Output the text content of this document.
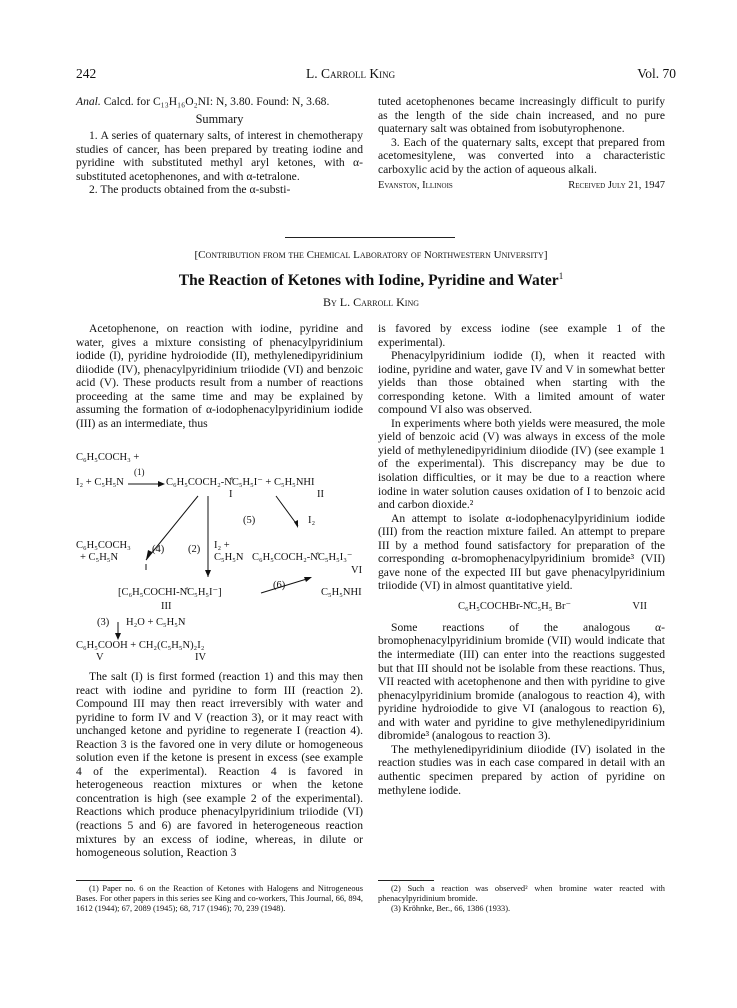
242	L. Carroll King	Vol. 70

Anal. Calcd. for C₁₃H₁₆O₂NI: N, 3.80. Found: N, 3.68.

Summary

1. A series of quaternary salts, of interest in chemotherapy studies of cancer, has been prepared by treating iodine and pyridine with substituted methyl aryl ketones, with α-substituted acetophenones, and with α-tetralone.

2. The products obtained from the α-substi-

tuted acetophenones became increasingly difficult to purify as the length of the side chain increased, and no pure quaternary salt was obtained from isobutyrophenone.

3. Each of the quaternary salts, except that prepared from acetomesitylene, was converted into a characteristic carboxylic acid by the action of aqueous alkali.

Evanston, Illinois	Received July 21, 1947

[Contribution from the Chemical Laboratory of Northwestern University]
The Reaction of Ketones with Iodine, Pyridine and Water$^1$
By L. Carroll King

Acetophenone, on reaction with iodine, pyridine and water, gives a mixture consisting of phenacylpyridinium iodide (I), pyridine hydroiodide (II), methylenedipyridinium diiodide (IV), phenacylpyridinium triiodide (VI) and benzoic acid (V). These products result from a number of reactions proceeding at the same time and may be explained by assuming the formation of α-iodophenacylpyridinium iodide (III) as an intermediate, thus

C₆H₅COCH₃ +
(1)
I₂ + C₅H₅N	C₆H₅COCH₂-N̊C₅H₅I⁻ + C₅H₅NHI
I	II
(5)	I₂
C₆H₅COCH₃
+ C₅H₅N
(4) (2) I₂ +
C₅H₅N C₆H₅COCH₂-N̊C₅H₅I₃⁻
VI
(6)
[C₆H₅COCHI-N̊C₅H₅I⁻]	C₅H₅NHI
III
(3) H₂O + C₅H₅N
C₆H₅COOH + CH₂(C₅H₅N)₂I₂
V	IV

The salt (I) is first formed (reaction 1) and this may then react with iodine and pyridine to form III (reaction 2). Compound III may then react irreversibly with water and pyridine to form IV and V (reaction 3), or it may react with unchanged ketone and pyridine to regenerate I (reaction 4). Reaction 3 is the favored one in very dilute or homogeneous solution even if the ketone is present in excess (see example 4 of the experimental). Reaction 4 is favored in heterogeneous reaction mixtures or when the ketone concentration is high (see example 2 of the experimental). Reactions which produce phenacylpyridinium triiodide (VI) (reactions 5 and 6) are favored in heterogeneous reaction mixtures by an excess of iodine, whereas, in dilute or homogeneous solution, Reaction 3

(1) Paper no. 6 on the Reaction of Ketones with Halogens and Nitrogeneous Bases. For other papers in this series see King and co-workers, This Journal, 66, 894, 1612 (1944); 67, 2089 (1945); 68, 717 (1946); 70, 239 (1948).

is favored by excess iodine (see example 1 of the experimental).

Phenacylpyridinium iodide (I), when it reacted with iodine, pyridine and water, gave IV and V in somewhat better yields than those obtained when starting with the corresponding ketone. With a limited amount of water compound VI also was observed.

In experiments where both yields were measured, the mole yield of benzoic acid (V) was always in excess of the mole yield of methylenedipyridinium diiodide (IV) (see example 1 of the experimental). This discrepancy may be due to isolation difficulties, or it may be due to a reaction where iodine in water solution causes oxidation of I to benzoic acid and carbon dioxide.²

An attempt to isolate α-iodophenacylpyridinium iodide (III) from the reaction mixture failed. An attempt to prepare III by a method found satisfactory for preparation of the corresponding α-bromophenacylpyridinium bromide³ (VII) gave none of the expected III but gave phenacylpyridinium triiodide (VI) in almost quantitative yield.

C₆H₅COCHBr-N̊C₅H₅ Br⁻	VII

Some reactions of the analogous α-bromophenacylpyridinium bromide (VII) would indicate that the intermediate (III) can enter into the reactions suggested but that III should not be isolable from these reactions. Thus, VII reacted with acetophenone and then with pyridine to give phenacylpyridinium bromide (analogous to reaction 4), with pyridine hydroiodide to give VI (analogous to reaction 6), and with water and pyridine to give methylenedipyridinium dibromide³ (analogous to reaction 3).

The methylenedipyridinium diiodide (IV) isolated in the reaction studies was in each case compared in detail with an authentic specimen prepared by action of pyridine on methylene iodide.

(2) Such a reaction was observed² when bromine water reacted with phenacylpyridinium bromide.

(3) Kröhnke, Ber., 66, 1386 (1933).
